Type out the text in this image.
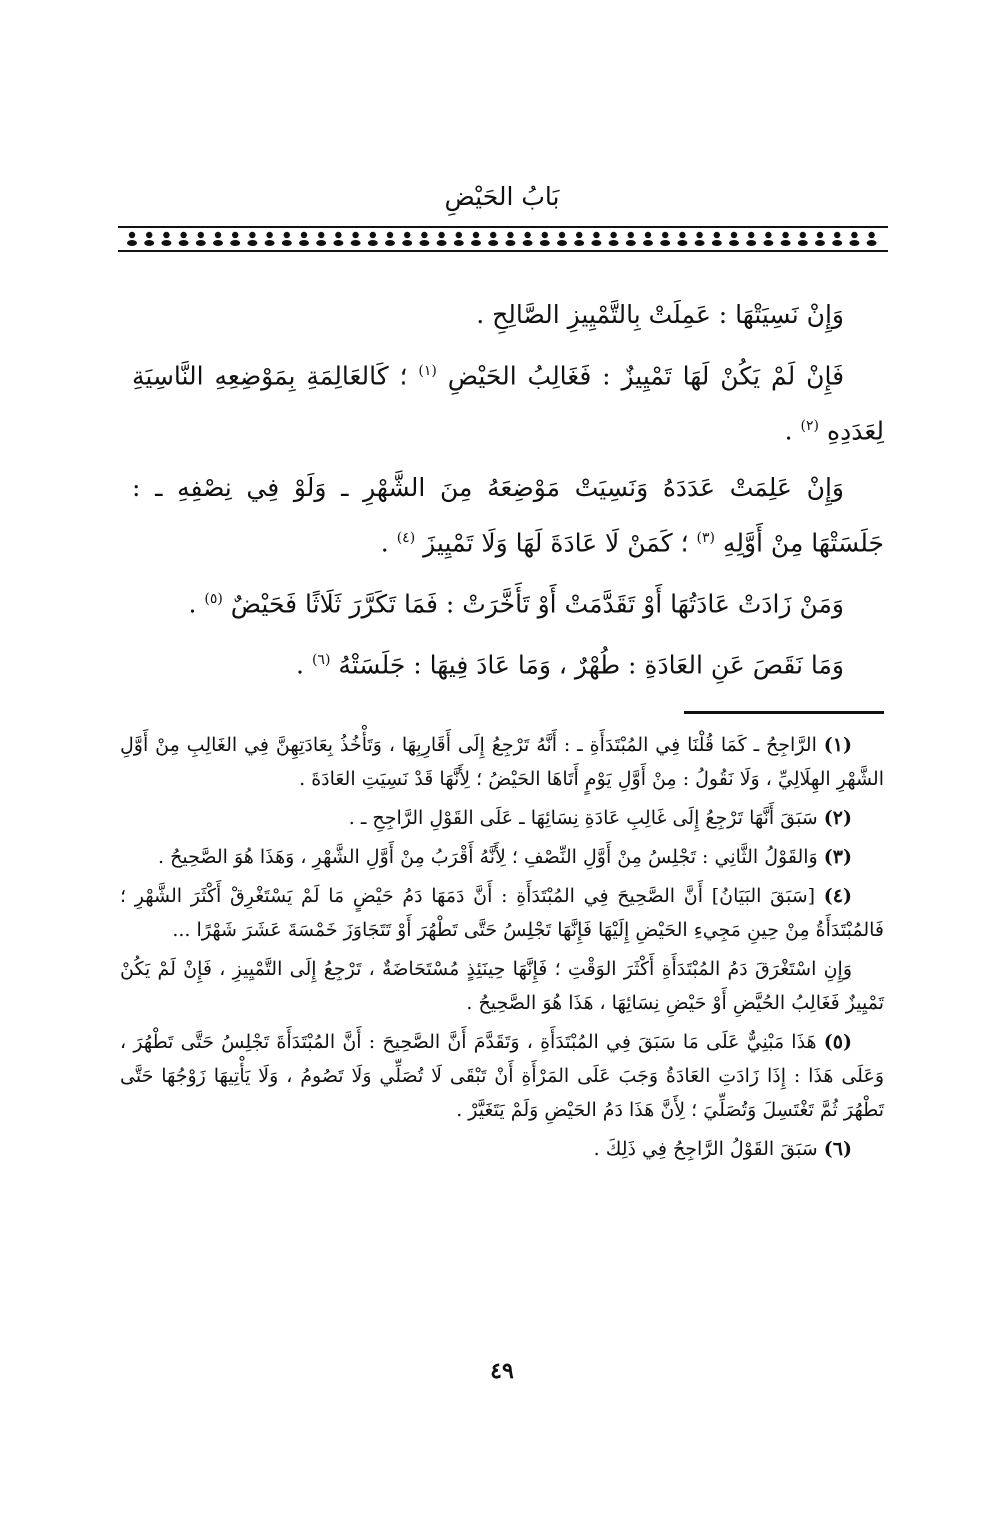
بَابُ الحَيْضِ

وَإِنْ نَسِيَتْهَا : عَمِلَتْ بِالتَّمْيِيزِ الصَّالِحِ .

فَإِنْ لَمْ يَكُنْ لَهَا تَمْيِيزٌ : فَغَالِبُ الحَيْضِ $^{(١)}$ ؛ كَالعَالِمَةِ بِمَوْضِعِهِ النَّاسِيَةِ لِعَدَدِهِ $^{(٢)}$ .

وَإِنْ عَلِمَتْ عَدَدَهُ وَنَسِيَتْ مَوْضِعَهُ مِنَ الشَّهْرِ ـ وَلَوْ فِي نِصْفِهِ ـ : جَلَسَتْهَا مِنْ أَوَّلِهِ $^{(٣)}$ ؛ كَمَنْ لَا عَادَةَ لَهَا وَلَا تَمْيِيزَ $^{(٤)}$ .

وَمَنْ زَادَتْ عَادَتُهَا أَوْ تَقَدَّمَتْ أَوْ تَأَخَّرَتْ : فَمَا تَكَرَّرَ ثَلَاثًا فَحَيْضٌ $^{(٥)}$ .

وَمَا نَقَصَ عَنِ العَادَةِ : طُهْرٌ ، وَمَا عَادَ فِيهَا : جَلَسَتْهُ $^{(٦)}$ .

(١) الرَّاجِحُ ـ كَمَا قُلْنَا فِي المُبْتَدَأَةِ ـ : أَنَّهُ تَرْجِعُ إِلَى أَقَارِبِهَا ، وَتَأْخُذُ بِعَادَتِهِنَّ فِي الغَالِبِ مِنْ أَوَّلِ الشَّهْرِ الهِلَالِيِّ ، وَلَا نَقُولُ : مِنْ أَوَّلِ يَوْمٍ أَتَاهَا الحَيْضُ ؛ لِأَنَّهَا قَدْ نَسِيَتِ العَادَةَ .

(٢) سَبَقَ أَنَّهَا تَرْجِعُ إِلَى غَالِبِ عَادَةِ نِسَائِهَا ـ عَلَى القَوْلِ الرَّاجِحِ ـ .

(٣) وَالقَوْلُ الثَّانِي : تَجْلِسُ مِنْ أَوَّلِ النِّصْفِ ؛ لِأَنَّهُ أَقْرَبُ مِنْ أَوَّلِ الشَّهْرِ ، وَهَذَا هُوَ الصَّحِيحُ .

(٤) [سَبَقَ البَيَانُ] أَنَّ الصَّحِيحَ فِي المُبْتَدَأَةِ : أَنَّ دَمَهَا دَمُ حَيْضٍ مَا لَمْ يَسْتَغْرِقْ أَكْثَرَ الشَّهْرِ ؛ فَالمُبْتَدَأَةُ مِنْ حِينِ مَجِيءِ الحَيْضِ إِلَيْهَا فَإِنَّهَا تَجْلِسُ حَتَّى تَطْهُرَ أَوْ تَتَجَاوَزَ خَمْسَةَ عَشَرَ شَهْرًا ...

وَإِنِ اسْتَغْرَقَ دَمُ المُبْتَدَأَةِ أَكْثَرَ الوَقْتِ ؛ فَإِنَّهَا حِينَئِذٍ مُسْتَحَاضَةٌ ، تَرْجِعُ إِلَى التَّمْيِيزِ ، فَإِنْ لَمْ يَكُنْ تَمْيِيزٌ فَغَالِبُ الحُيَّضِ أَوْ حَيْضِ نِسَائِهَا ، هَذَا هُوَ الصَّحِيحُ .

(٥) هَذَا مَبْنِيٌّ عَلَى مَا سَبَقَ فِي المُبْتَدَأَةِ ، وَتَقَدَّمَ أَنَّ الصَّحِيحَ : أَنَّ المُبْتَدَأَةَ تَجْلِسُ حَتَّى تَطْهُرَ ، وَعَلَى هَذَا : إِذَا زَادَتِ العَادَةُ وَجَبَ عَلَى المَرْأَةِ أَنْ تَبْقَى لَا تُصَلِّي وَلَا تَصُومُ ، وَلَا يَأْتِيهَا زَوْجُهَا حَتَّى تَطْهُرَ ثُمَّ تَغْتَسِلَ وَتُصَلِّيَ ؛ لِأَنَّ هَذَا دَمُ الحَيْضِ وَلَمْ يَتَغَيَّرْ .

(٦) سَبَقَ القَوْلُ الرَّاجِحُ فِي ذَلِكَ .

٤٩
